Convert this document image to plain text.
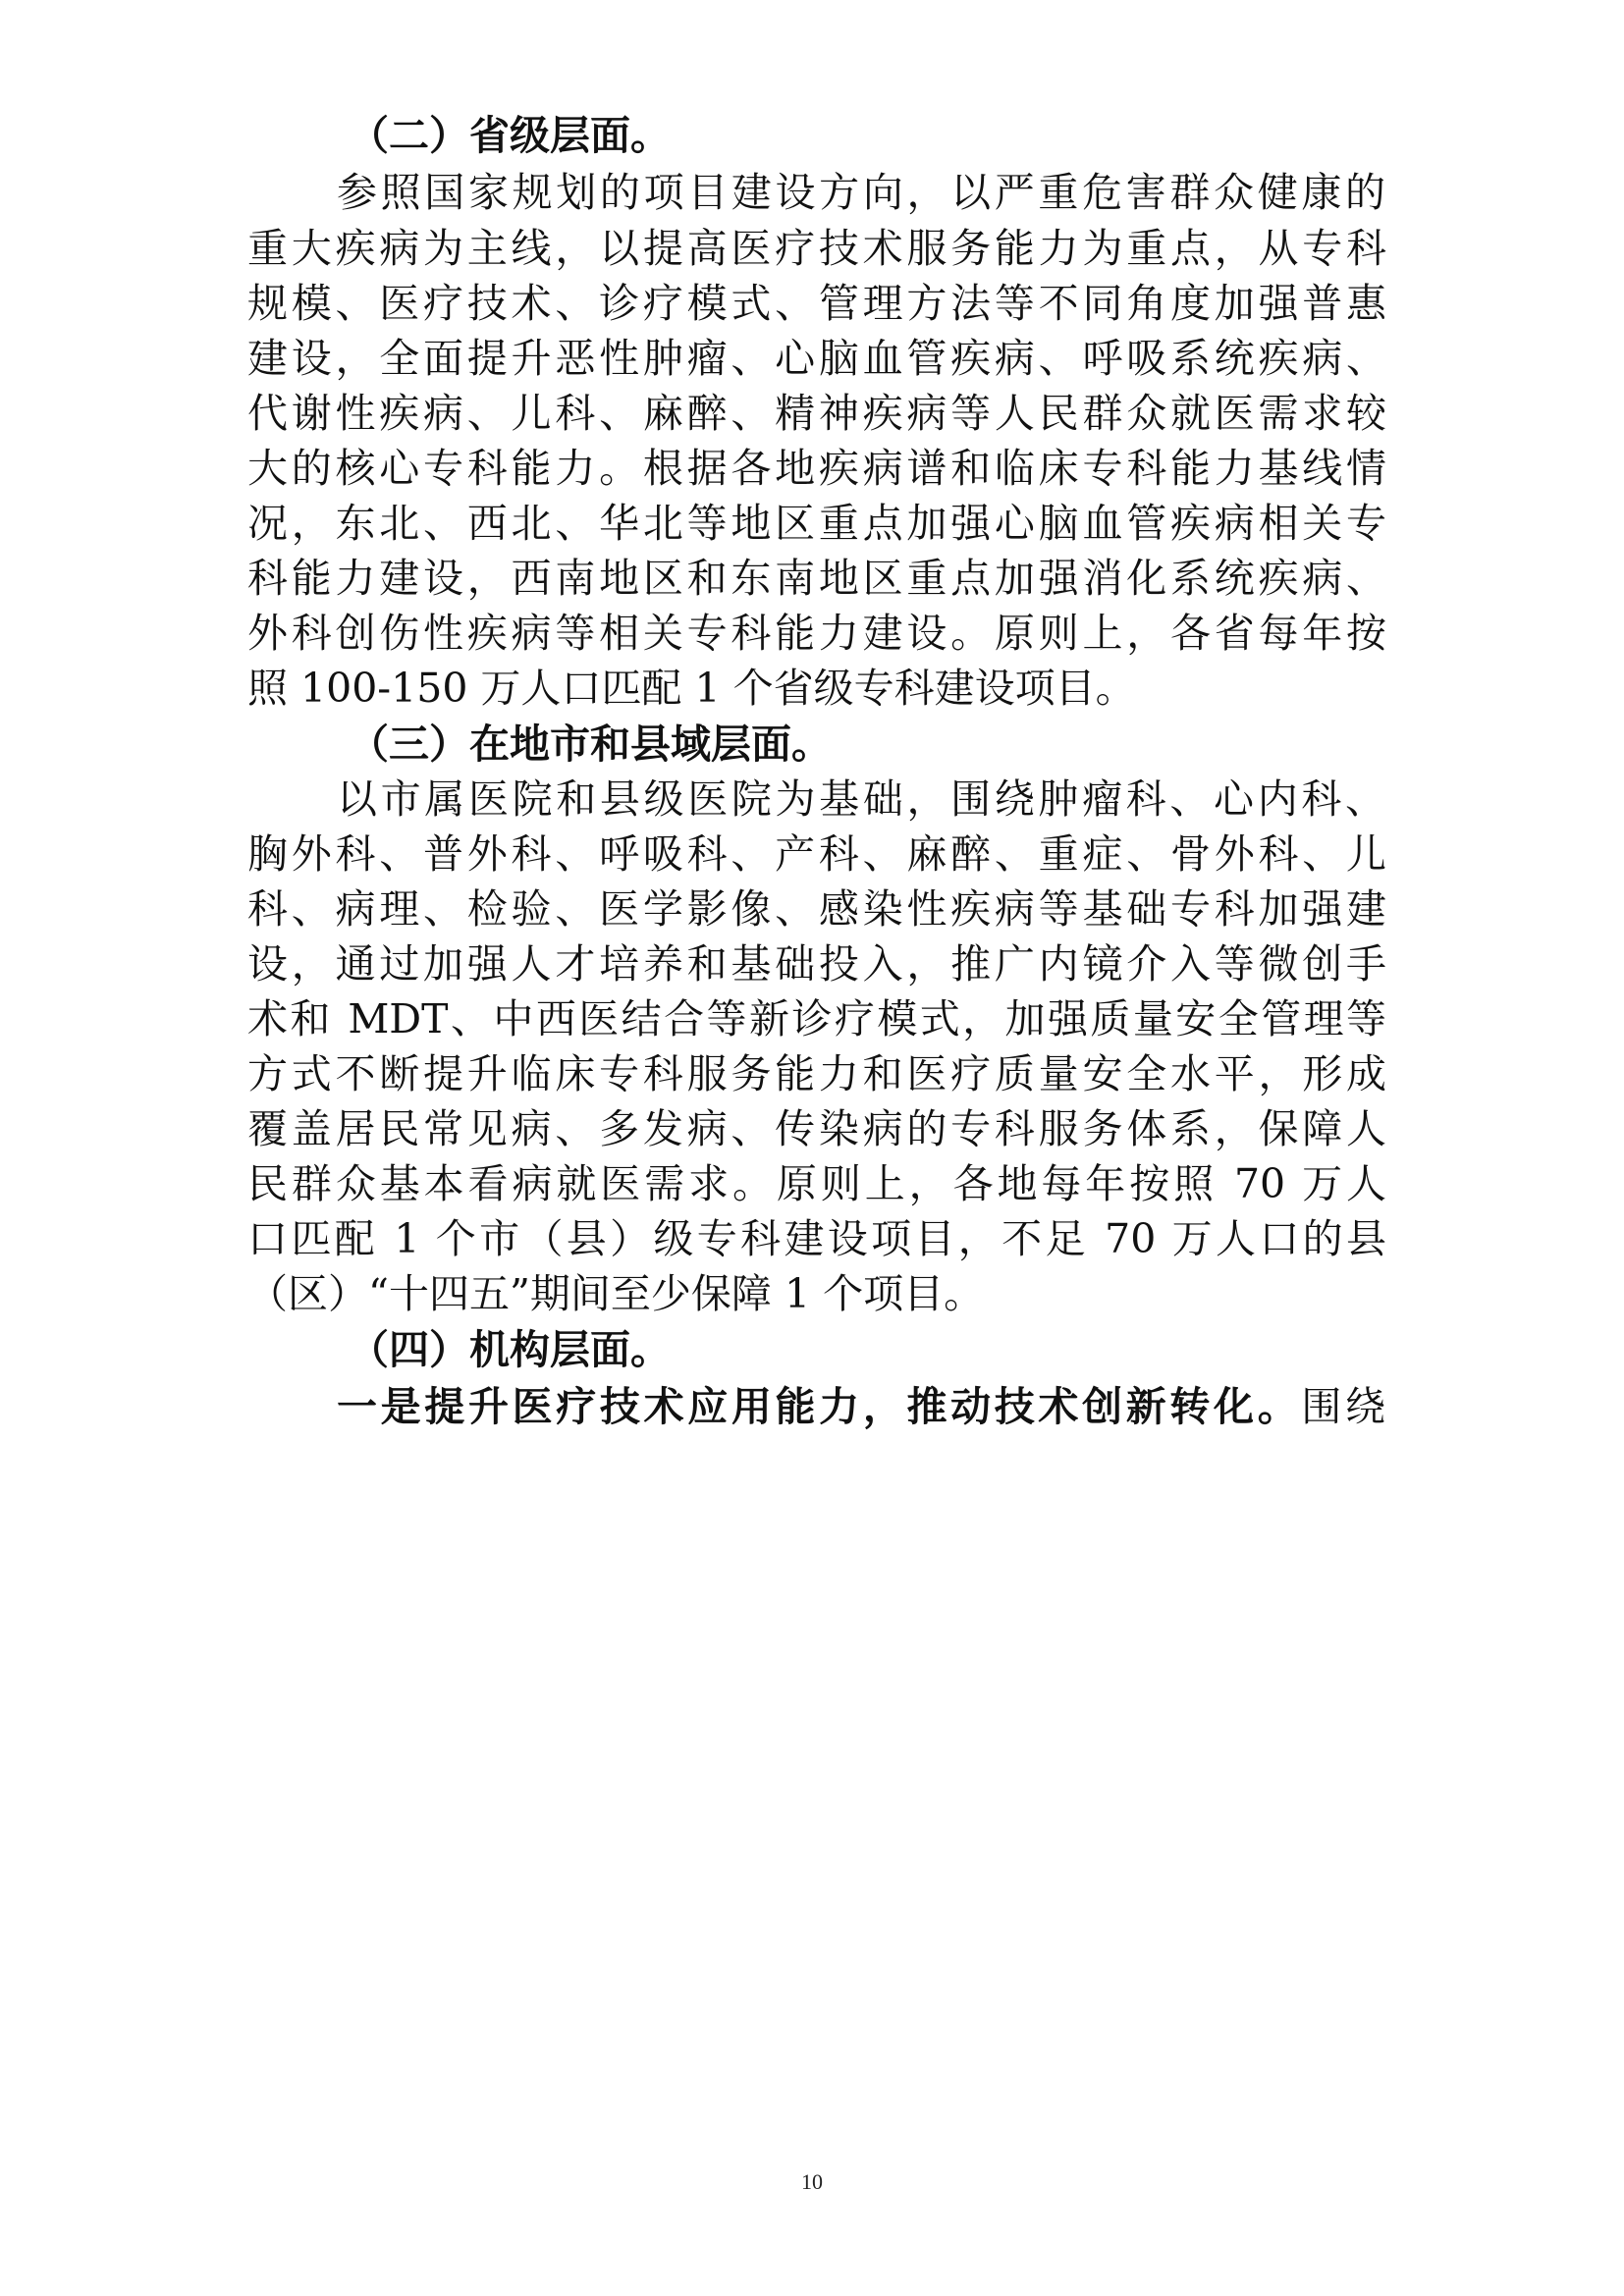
（二）省级层面。
参照国家规划的项目建设方向，以严重危害群众健康的
重大疾病为主线，以提高医疗技术服务能力为重点，从专科
规模、医疗技术、诊疗模式、管理方法等不同角度加强普惠
建设，全面提升恶性肿瘤、心脑血管疾病、呼吸系统疾病、
代谢性疾病、儿科、麻醉、精神疾病等人民群众就医需求较
大的核心专科能力。根据各地疾病谱和临床专科能力基线情
况，东北、西北、华北等地区重点加强心脑血管疾病相关专
科能力建设，西南地区和东南地区重点加强消化系统疾病、
外科创伤性疾病等相关专科能力建设。原则上，各省每年按
照 100-150 万人口匹配 1 个省级专科建设项目。
（三）在地市和县域层面。
以市属医院和县级医院为基础，围绕肿瘤科、心内科、
胸外科、普外科、呼吸科、产科、麻醉、重症、骨外科、儿
科、病理、检验、医学影像、感染性疾病等基础专科加强建
设，通过加强人才培养和基础投入，推广内镜介入等微创手
术和 MDT、中西医结合等新诊疗模式，加强质量安全管理等
方式不断提升临床专科服务能力和医疗质量安全水平，形成
覆盖居民常见病、多发病、传染病的专科服务体系，保障人
民群众基本看病就医需求。原则上，各地每年按照 70 万人
口匹配 1 个市（县）级专科建设项目，不足 70 万人口的县
（区）“十四五”期间至少保障 1 个项目。
（四）机构层面。
一是提升医疗技术应用能力，推动技术创新转化。围绕
10
